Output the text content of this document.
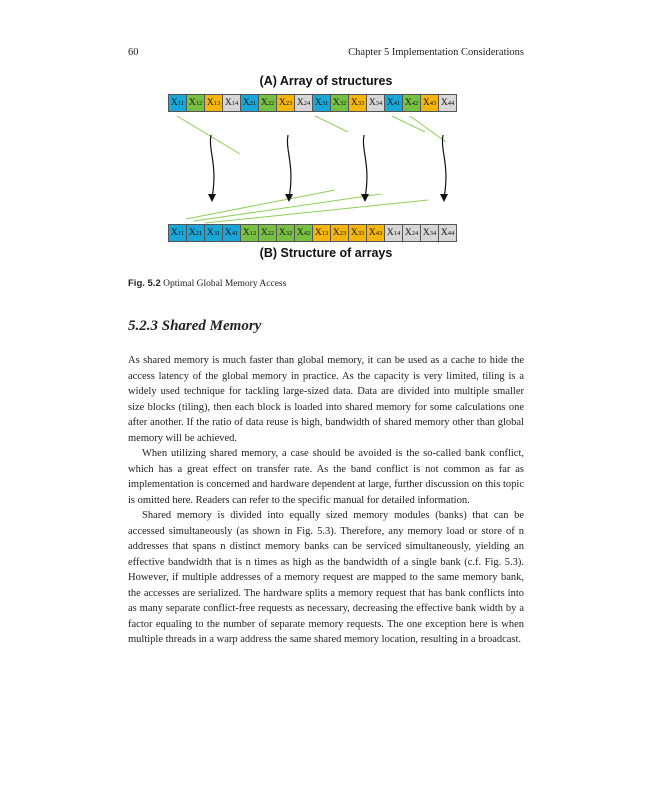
60	Chapter 5 Implementation Considerations
(A) Array of structures
X 11 X 12 X 13 X 14 X 21 X 22 X 23 X 24 X 31 X 32 X 33 X 34 X 41 X 42 X 43 X 44
X 11 X 21 X 31 X 41 X 12 X 22 X 32 X 42 X 13 X 23 X 33 X 43 X 14 X 24 X 34 X 44
(B) Structure of arrays
Fig. 5.2 Optimal Global Memory Access
5.2.3 Shared Memory

As shared memory is much faster than global memory, it can be used as a cache to hide the access latency of the global memory in practice. As the capacity is very limited, tiling is a widely used technique for tackling large-sized data. Data are divided into multiple smaller size blocks (tiling), then each block is loaded into shared memory for some calculations one after another. If the ratio of data reuse is high, bandwidth of shared memory other than global memory will be achieved.

When utilizing shared memory, a case should be avoided is the so-called bank conflict, which has a great effect on transfer rate. As the band conflict is not common as far as implementation is concerned and hardware dependent at large, further discussion on this topic is omitted here. Readers can refer to the specific manual for detailed information.

Shared memory is divided into equally sized memory modules (banks) that can be accessed simultaneously (as shown in Fig. 5.3). Therefore, any memory load or store of n addresses that spans n distinct memory banks can be serviced simultaneously, yielding an effective bandwidth that is n times as high as the bandwidth of a single bank (c.f. Fig. 5.3). However, if multiple addresses of a memory request are mapped to the same memory bank, the accesses are serialized. The hardware splits a memory request that has bank conflicts into as many separate conflict-free requests as necessary, decreasing the effective bank width by a factor equaling to the number of separate memory requests. The one exception here is when multiple threads in a warp address the same shared memory location, resulting in a broadcast.
